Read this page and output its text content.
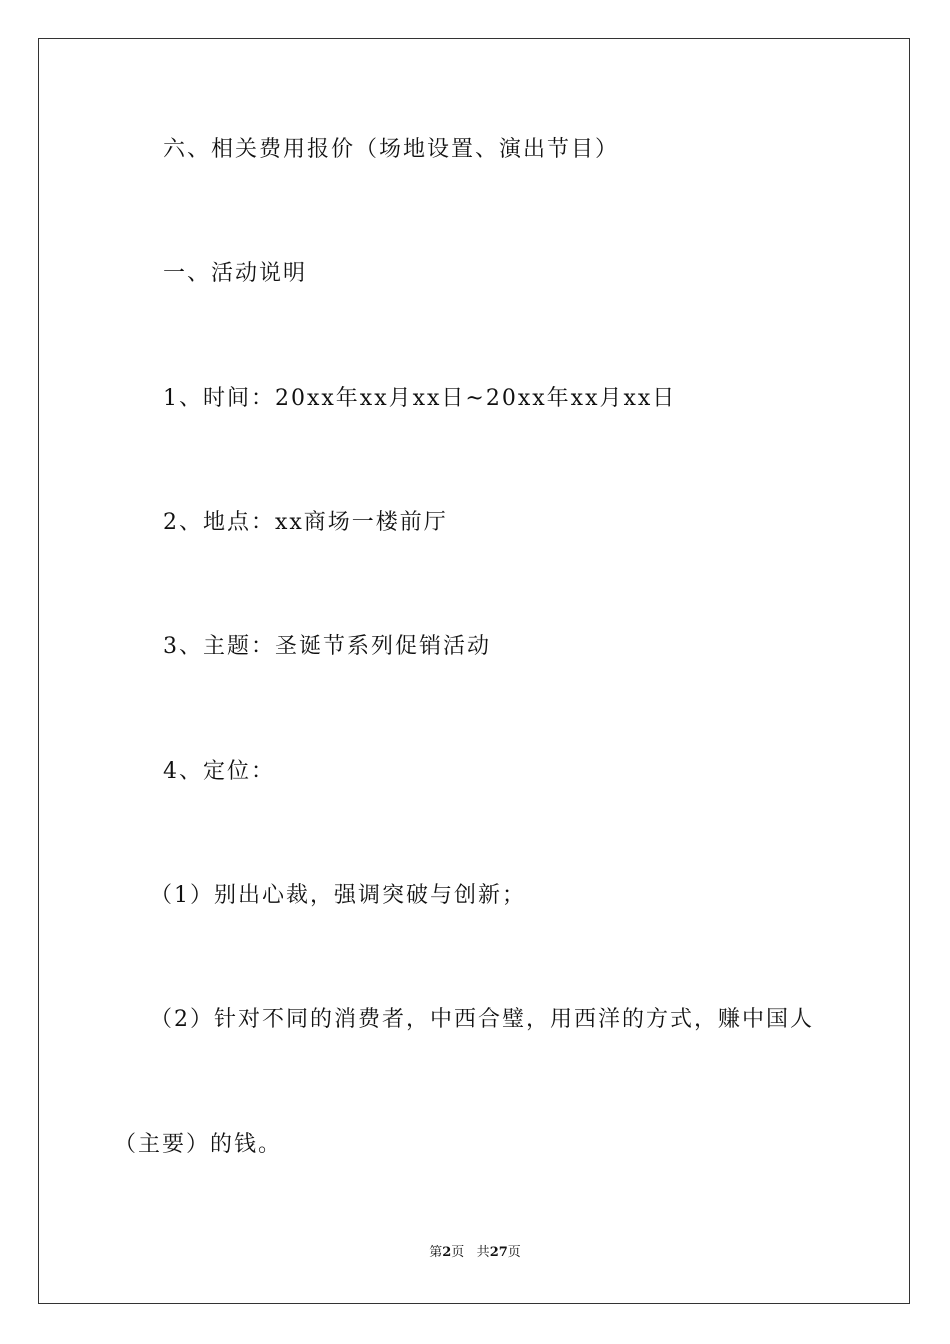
六、相关费用报价（场地设置、演出节目）
一、活动说明
1、时间：20xx年xx月xx日~20xx年xx月xx日
2、地点：xx商场一楼前厅
3、主题：圣诞节系列促销活动
4、定位：
（1）别出心裁，强调突破与创新；
（2）针对不同的消费者，中西合璧，用西洋的方式，赚中国人
（主要）的钱。
第2页 共27页
